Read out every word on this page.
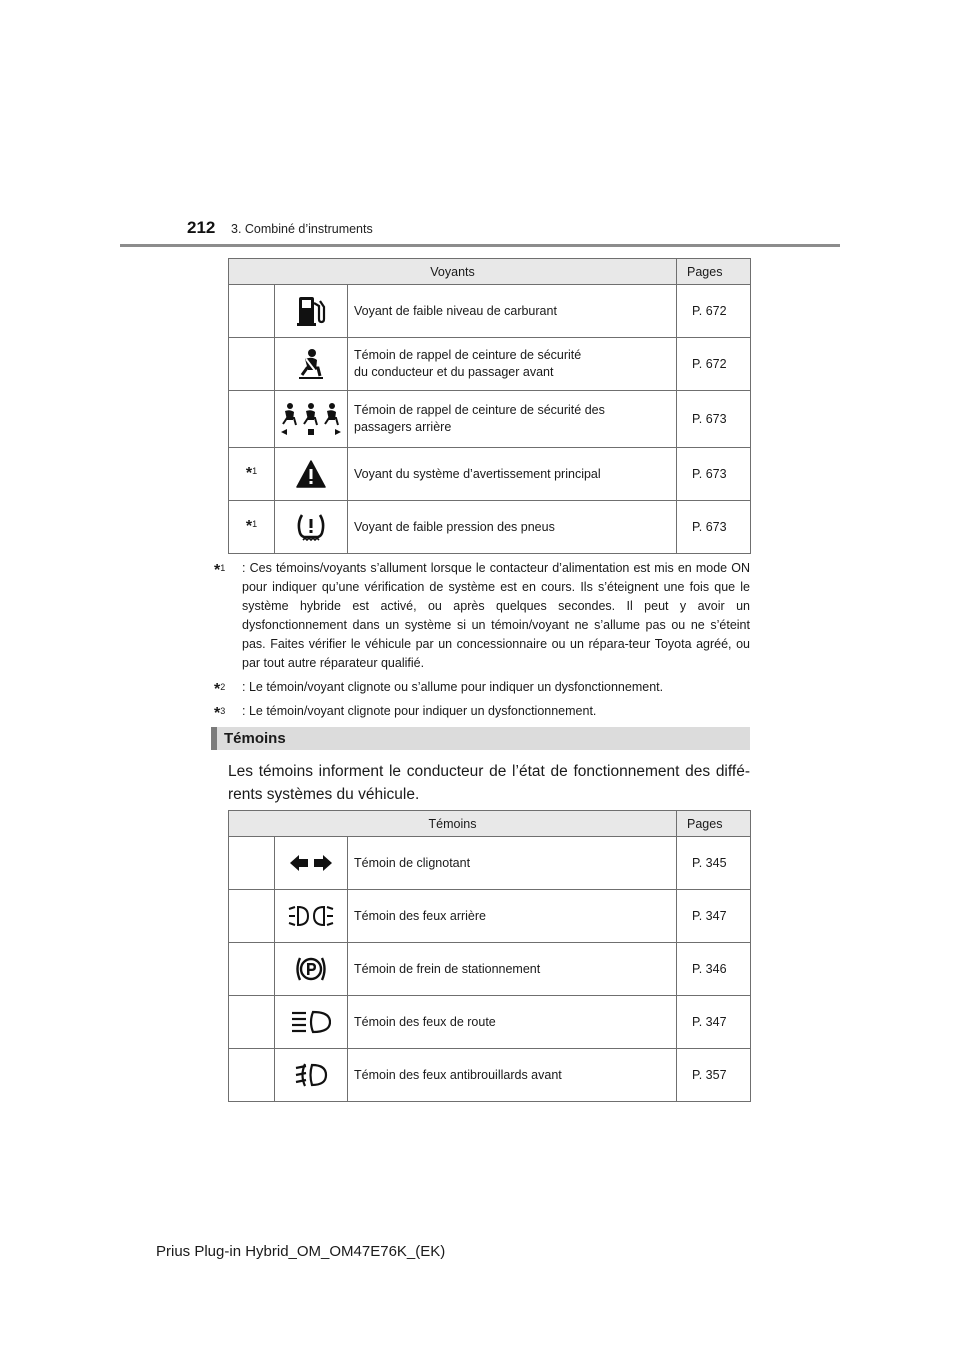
212 3. Combiné d’instruments
Voyants			Pages
		Voyant de faible niveau de carburant	P. 672
		Témoin de rappel de ceinture de sécurité
du conducteur et du passager avant	P. 672
		Témoin de rappel de ceinture de sécurité des
passagers arrière	P. 673
*$^1$		Voyant du système d’avertissement principal	P. 673
*$^1$		Voyant de faible pression des pneus	P. 673
*$^1$ : Ces témoins/voyants s’allument lorsque le contacteur d’alimentation est mis en mode ON pour indiquer qu’une vérification de système est en cours. Ils s’éteignent une fois que le système hybride est activé, ou après quelques secondes. Il peut y avoir un dysfonctionnement dans un système si un témoin/voyant ne s’allume pas ou ne s’éteint pas. Faites vérifier le véhicule par un concessionnaire ou un répara-teur Toyota agréé, ou par tout autre réparateur qualifié.
*$^2$ : Le témoin/voyant clignote ou s’allume pour indiquer un dysfonctionnement.
*$^3$ : Le témoin/voyant clignote pour indiquer un dysfonctionnement.
Témoins
Les témoins informent le conducteur de l’état de fonctionnement des diffé-rents systèmes du véhicule.
Témoins			Pages
		Témoin de clignotant	P. 345
		Témoin des feux arrière	P. 347
		Témoin de frein de stationnement	P. 346
		Témoin des feux de route	P. 347
		Témoin des feux antibrouillards avant	P. 357
Prius Plug-in Hybrid_OM_OM47E76K_(EK)
